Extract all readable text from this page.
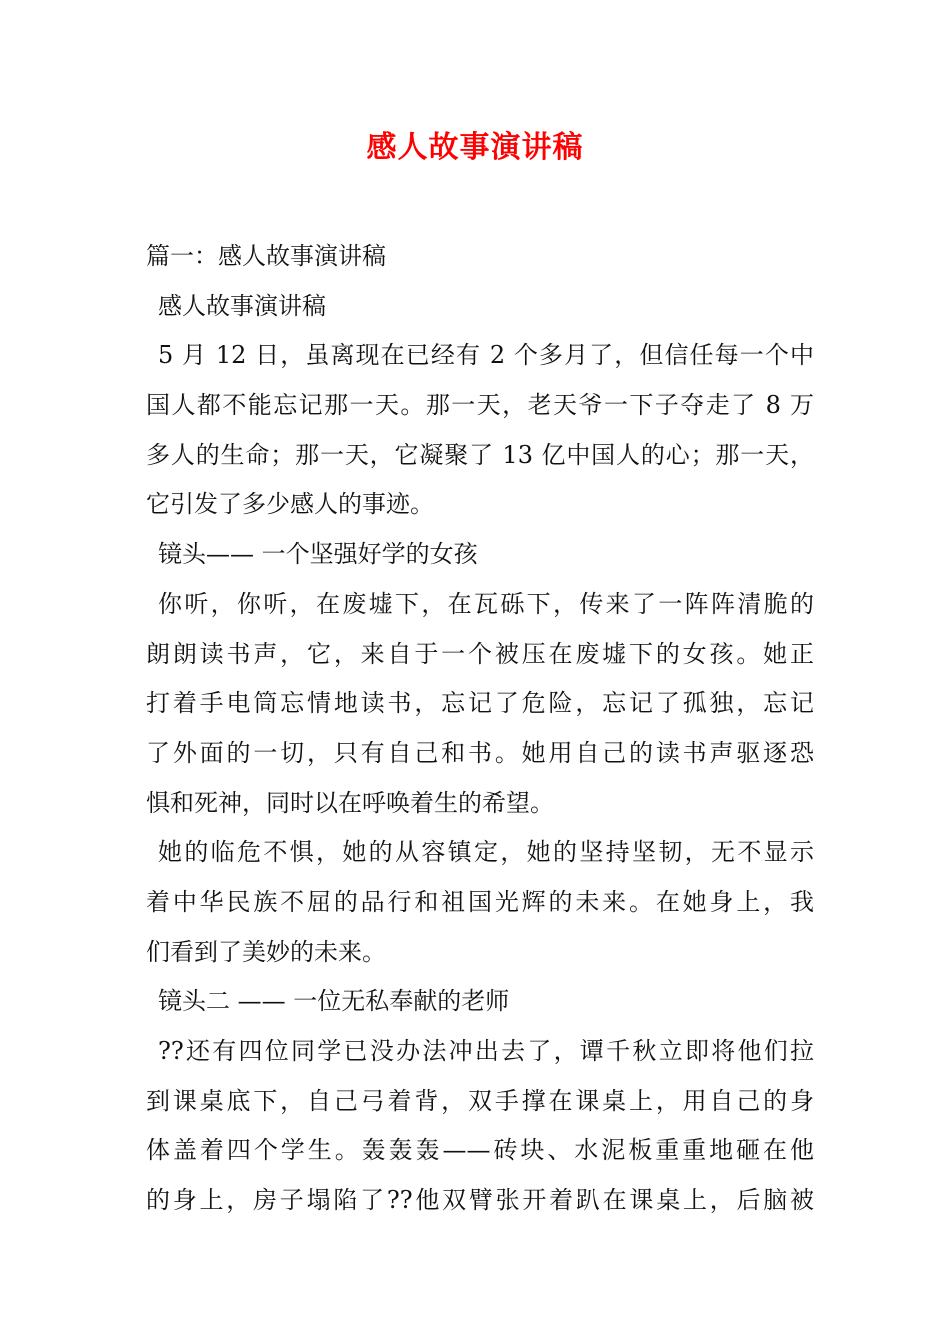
感人故事演讲稿
篇一：感人故事演讲稿
感人故事演讲稿
5 月 12 日，虽离现在已经有 2 个多月了，但信任每一个中
国人都不能忘记那一天。那一天，老天爷一下子夺走了 8 万
多人的生命；那一天，它凝聚了 13 亿中国人的心；那一天，
它引发了多少感人的事迹。
镜头—— 一个坚强好学的女孩
你听，你听，在废墟下，在瓦砾下，传来了一阵阵清脆的
朗朗读书声，它，来自于一个被压在废墟下的女孩。她正
打着手电筒忘情地读书，忘记了危险，忘记了孤独，忘记
了外面的一切，只有自己和书。她用自己的读书声驱逐恐
惧和死神，同时以在呼唤着生的希望。
她的临危不惧，她的从容镇定，她的坚持坚韧，无不显示
着中华民族不屈的品行和祖国光辉的未来。在她身上，我
们看到了美妙的未来。
镜头二 —— 一位无私奉献的老师
??还有四位同学已没办法冲出去了，谭千秋立即将他们拉
到课桌底下，自己弓着背，双手撑在课桌上，用自己的身
体盖着四个学生。轰轰轰——砖块、水泥板重重地砸在他
的身上，房子塌陷了??他双臂张开着趴在课桌上，后脑被
